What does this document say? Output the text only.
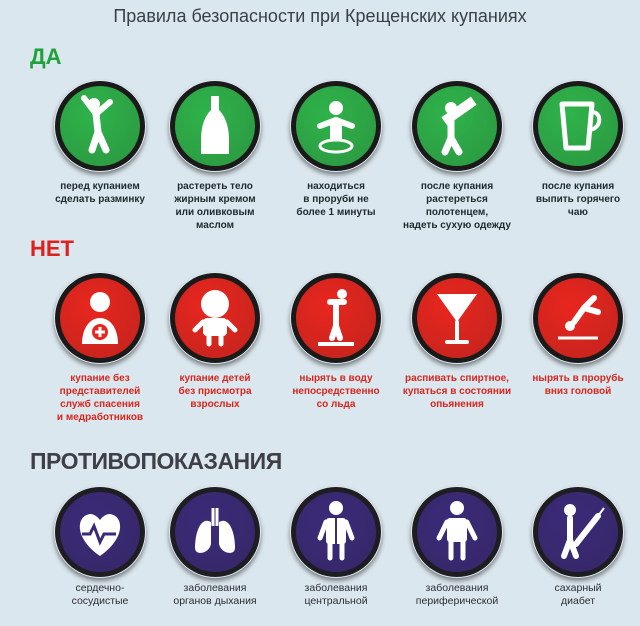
Правила безопасности при Крещенских купаниях
ДА
перед купанием
сделать разминку
растереть тело
жирным кремом
или оливковым
маслом
находиться
в проруби не
более 1 минуты
после купания
растереться
полотенцем,
надеть сухую одежду
после купания
выпить горячего
чаю
НЕТ
купание без
представителей
служб спасения
и медработников
купание детей
без присмотра
взрослых
нырять в воду
непосредственно
со льда
распивать спиртное,
купаться в состоянии
опьянения
нырять в прорубь
вниз головой
ПРОТИВОПОКАЗАНИЯ
сердечно-
сосудистые
заболевания
органов дыхания
заболевания
центральной
заболевания
периферической
сахарный
диабет
